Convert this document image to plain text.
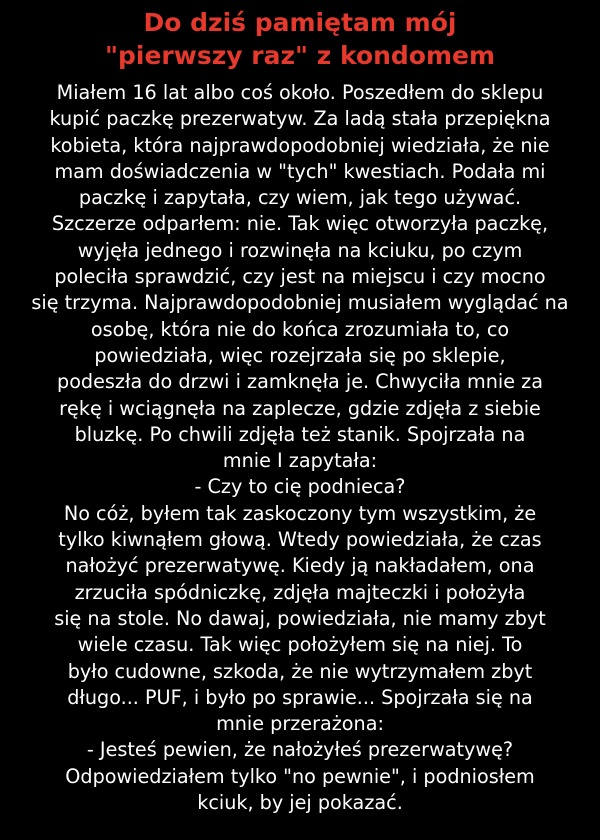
Do dziś pamiętam mój
"pierwszy raz" z kondomem
Miałem 16 lat albo coś około. Poszedłem do sklepu
kupić paczkę prezerwatyw. Za ladą stała przepiękna
kobieta, która najprawdopodobniej wiedziała, że nie
mam doświadczenia w "tych" kwestiach. Podała mi
paczkę i zapytała, czy wiem, jak tego używać.
Szczerze odparłem: nie. Tak więc otworzyła paczkę,
wyjęła jednego i rozwinęła na kciuku, po czym
poleciła sprawdzić, czy jest na miejscu i czy mocno
się trzyma. Najprawdopodobniej musiałem wyglądać na
osobę, która nie do końca zrozumiała to, co
powiedziała, więc rozejrzała się po sklepie,
podeszła do drzwi i zamknęła je. Chwyciła mnie za
rękę i wciągnęła na zaplecze, gdzie zdjęła z siebie
bluzkę. Po chwili zdjęła też stanik. Spojrzała na
mnie I zapytała:
- Czy to cię podnieca?
No cóż, byłem tak zaskoczony tym wszystkim, że
tylko kiwnąłem głową. Wtedy powiedziała, że czas
nałożyć prezerwatywę. Kiedy ją nakładałem, ona
zrzuciła spódniczkę, zdjęła majteczki i położyła
się na stole. No dawaj, powiedziała, nie mamy zbyt
wiele czasu. Tak więc położyłem się na niej. To
było cudowne, szkoda, że nie wytrzymałem zbyt
długo... PUF, i było po sprawie... Spojrzała się na
mnie przerażona:
- Jesteś pewien, że nałożyłeś prezerwatywę?
Odpowiedziałem tylko "no pewnie", i podniosłem
kciuk, by jej pokazać.
